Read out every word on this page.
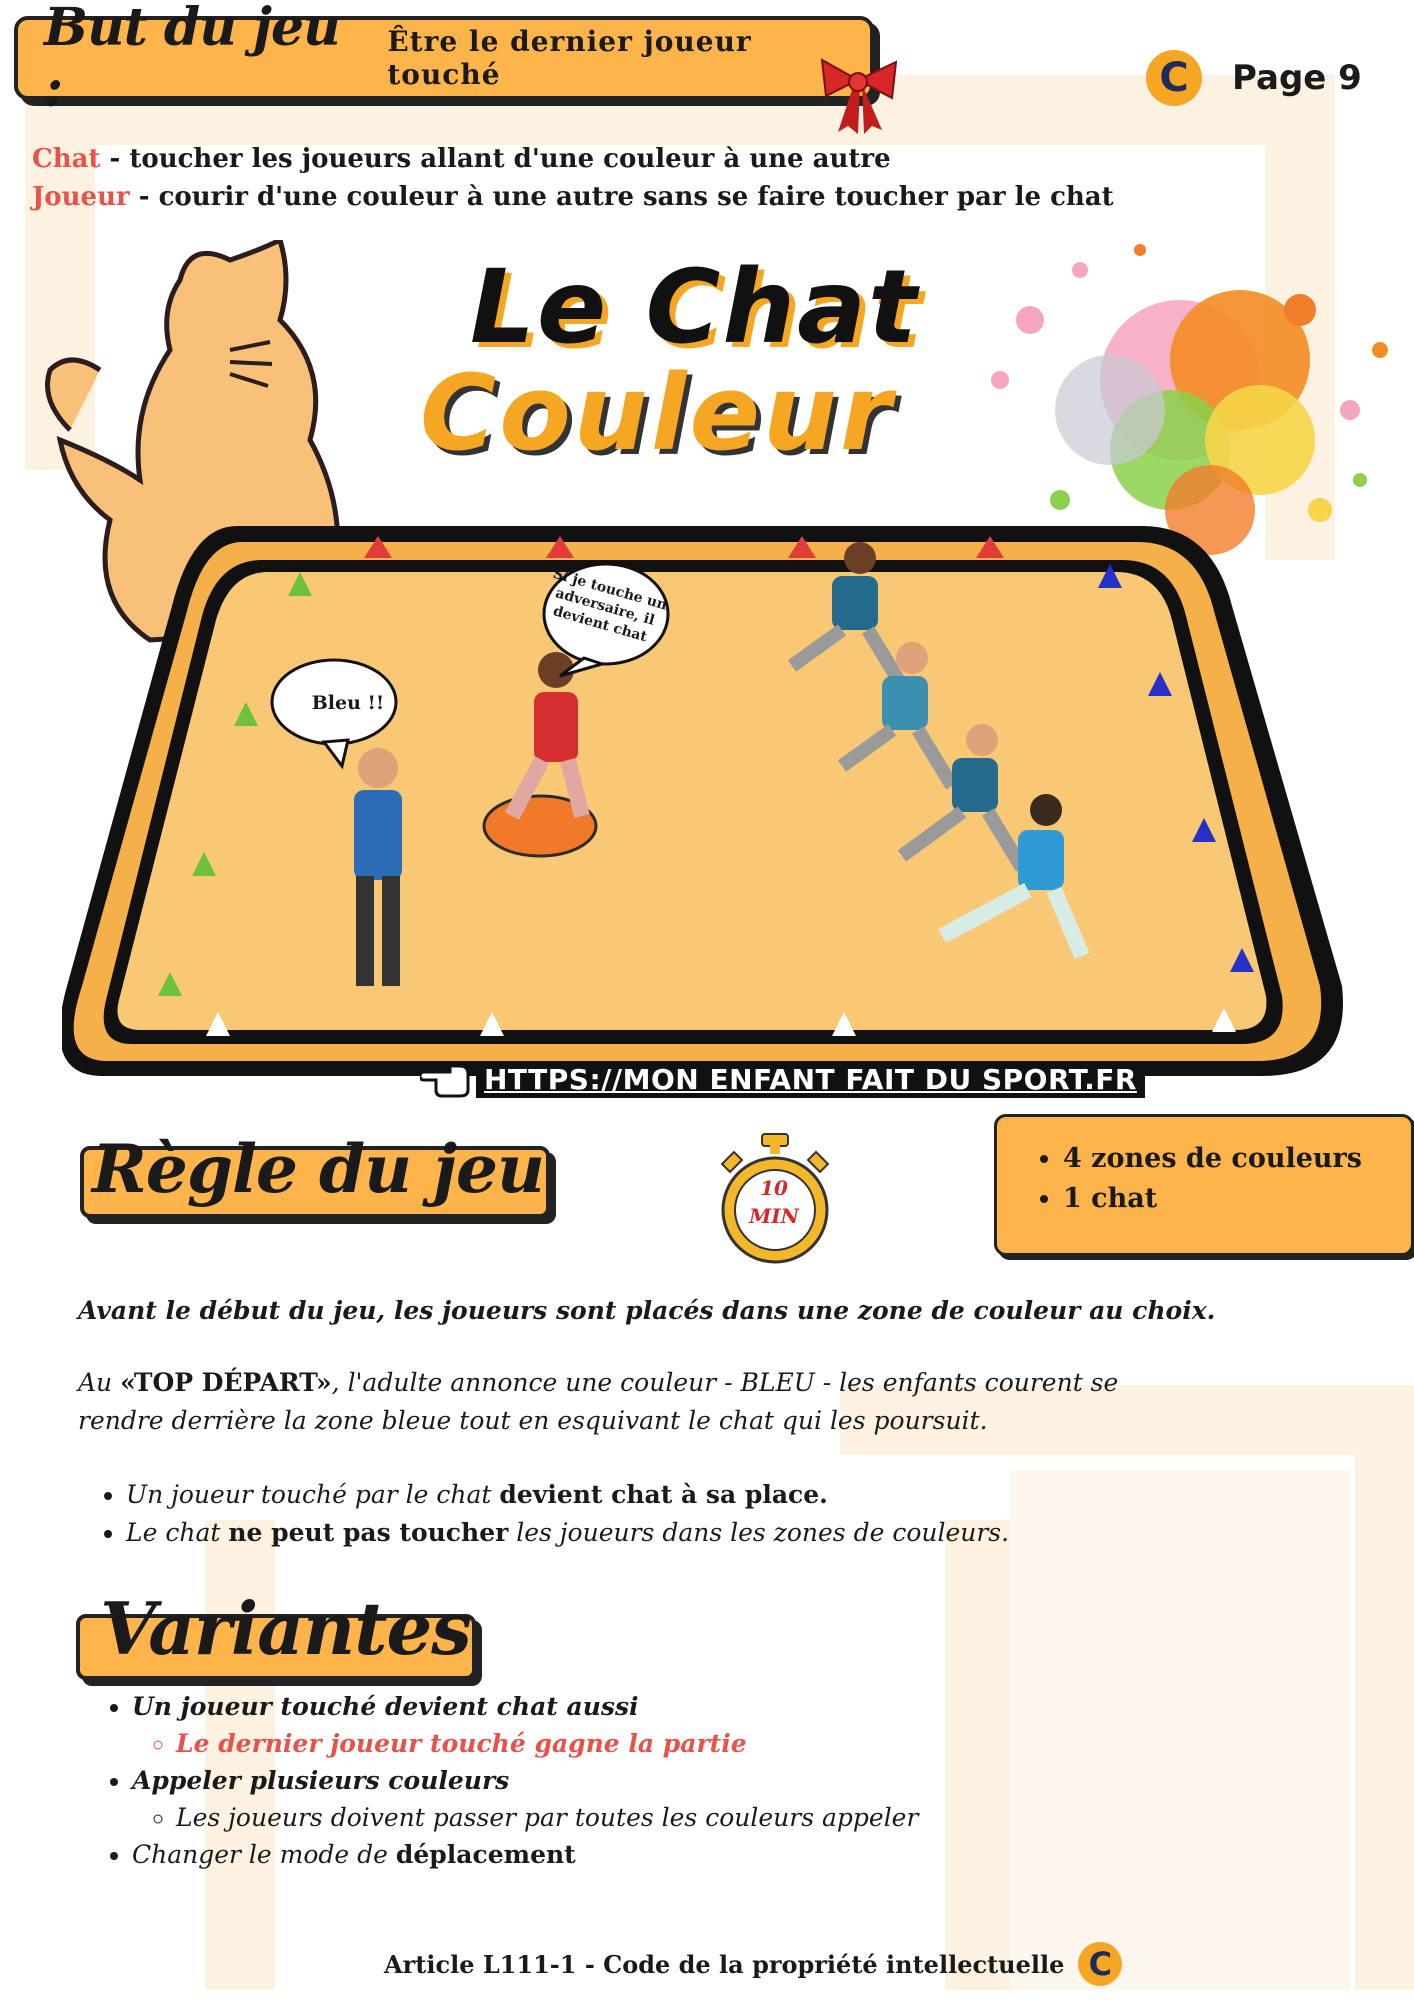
But du jeu :
Être le dernier joueur touché	C Page 9
Chat - toucher les joueurs allant d'une couleur à une autre
Joueur - courir d'une couleur à une autre sans se faire toucher par le chat
Le Chat
Couleur
Bleu !!
Si je touche un adversaire, il devient chat
HTTPS://MON ENFANT FAIT DU SPORT.FR
Règle du jeu	10
MIN
• 4 zones de couleurs
• 1 chat
Avant le début du jeu, les joueurs sont placés dans une zone de couleur au choix.
Au «TOP DÉPART», l'adulte annonce une couleur - BLEU - les enfants courent se rendre derrière la zone bleue tout en esquivant le chat qui les poursuit.
• Un joueur touché par le chat devient chat à sa place.
• Le chat ne peut pas toucher les joueurs dans les zones de couleurs.
Variantes
• Un joueur touché devient chat aussi
◦ Le dernier joueur touché gagne la partie
• Appeler plusieurs couleurs
◦ Les joueurs doivent passer par toutes les couleurs appeler
• Changer le mode de déplacement
Article L111-1 - Code de la propriété intellectuelle C
